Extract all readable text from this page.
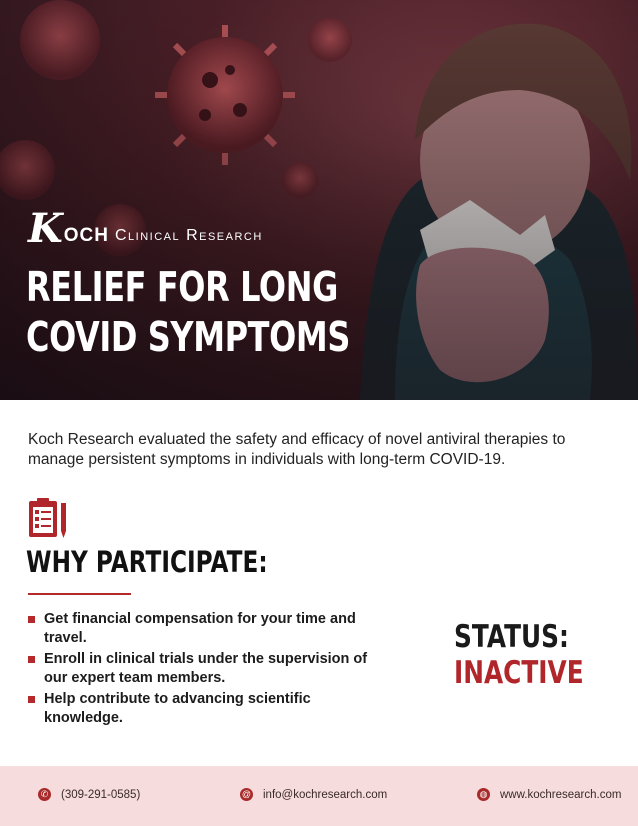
K OCH Clinical Research
RELIEF FOR LONG
COVID SYMPTOMS

Koch Research evaluated the safety and efficacy of novel antiviral therapies to manage persistent symptoms in individuals with long-term COVID-19.

WHY PARTICIPATE:
Get financial compensation for your time and travel.
Enroll in clinical trials under the supervision of our expert team members.
Help contribute to advancing scientific knowledge.
STATUS:
INACTIVE
✆ (309-291-0585)	@ info@kochresearch.com	◍ www.kochresearch.com
